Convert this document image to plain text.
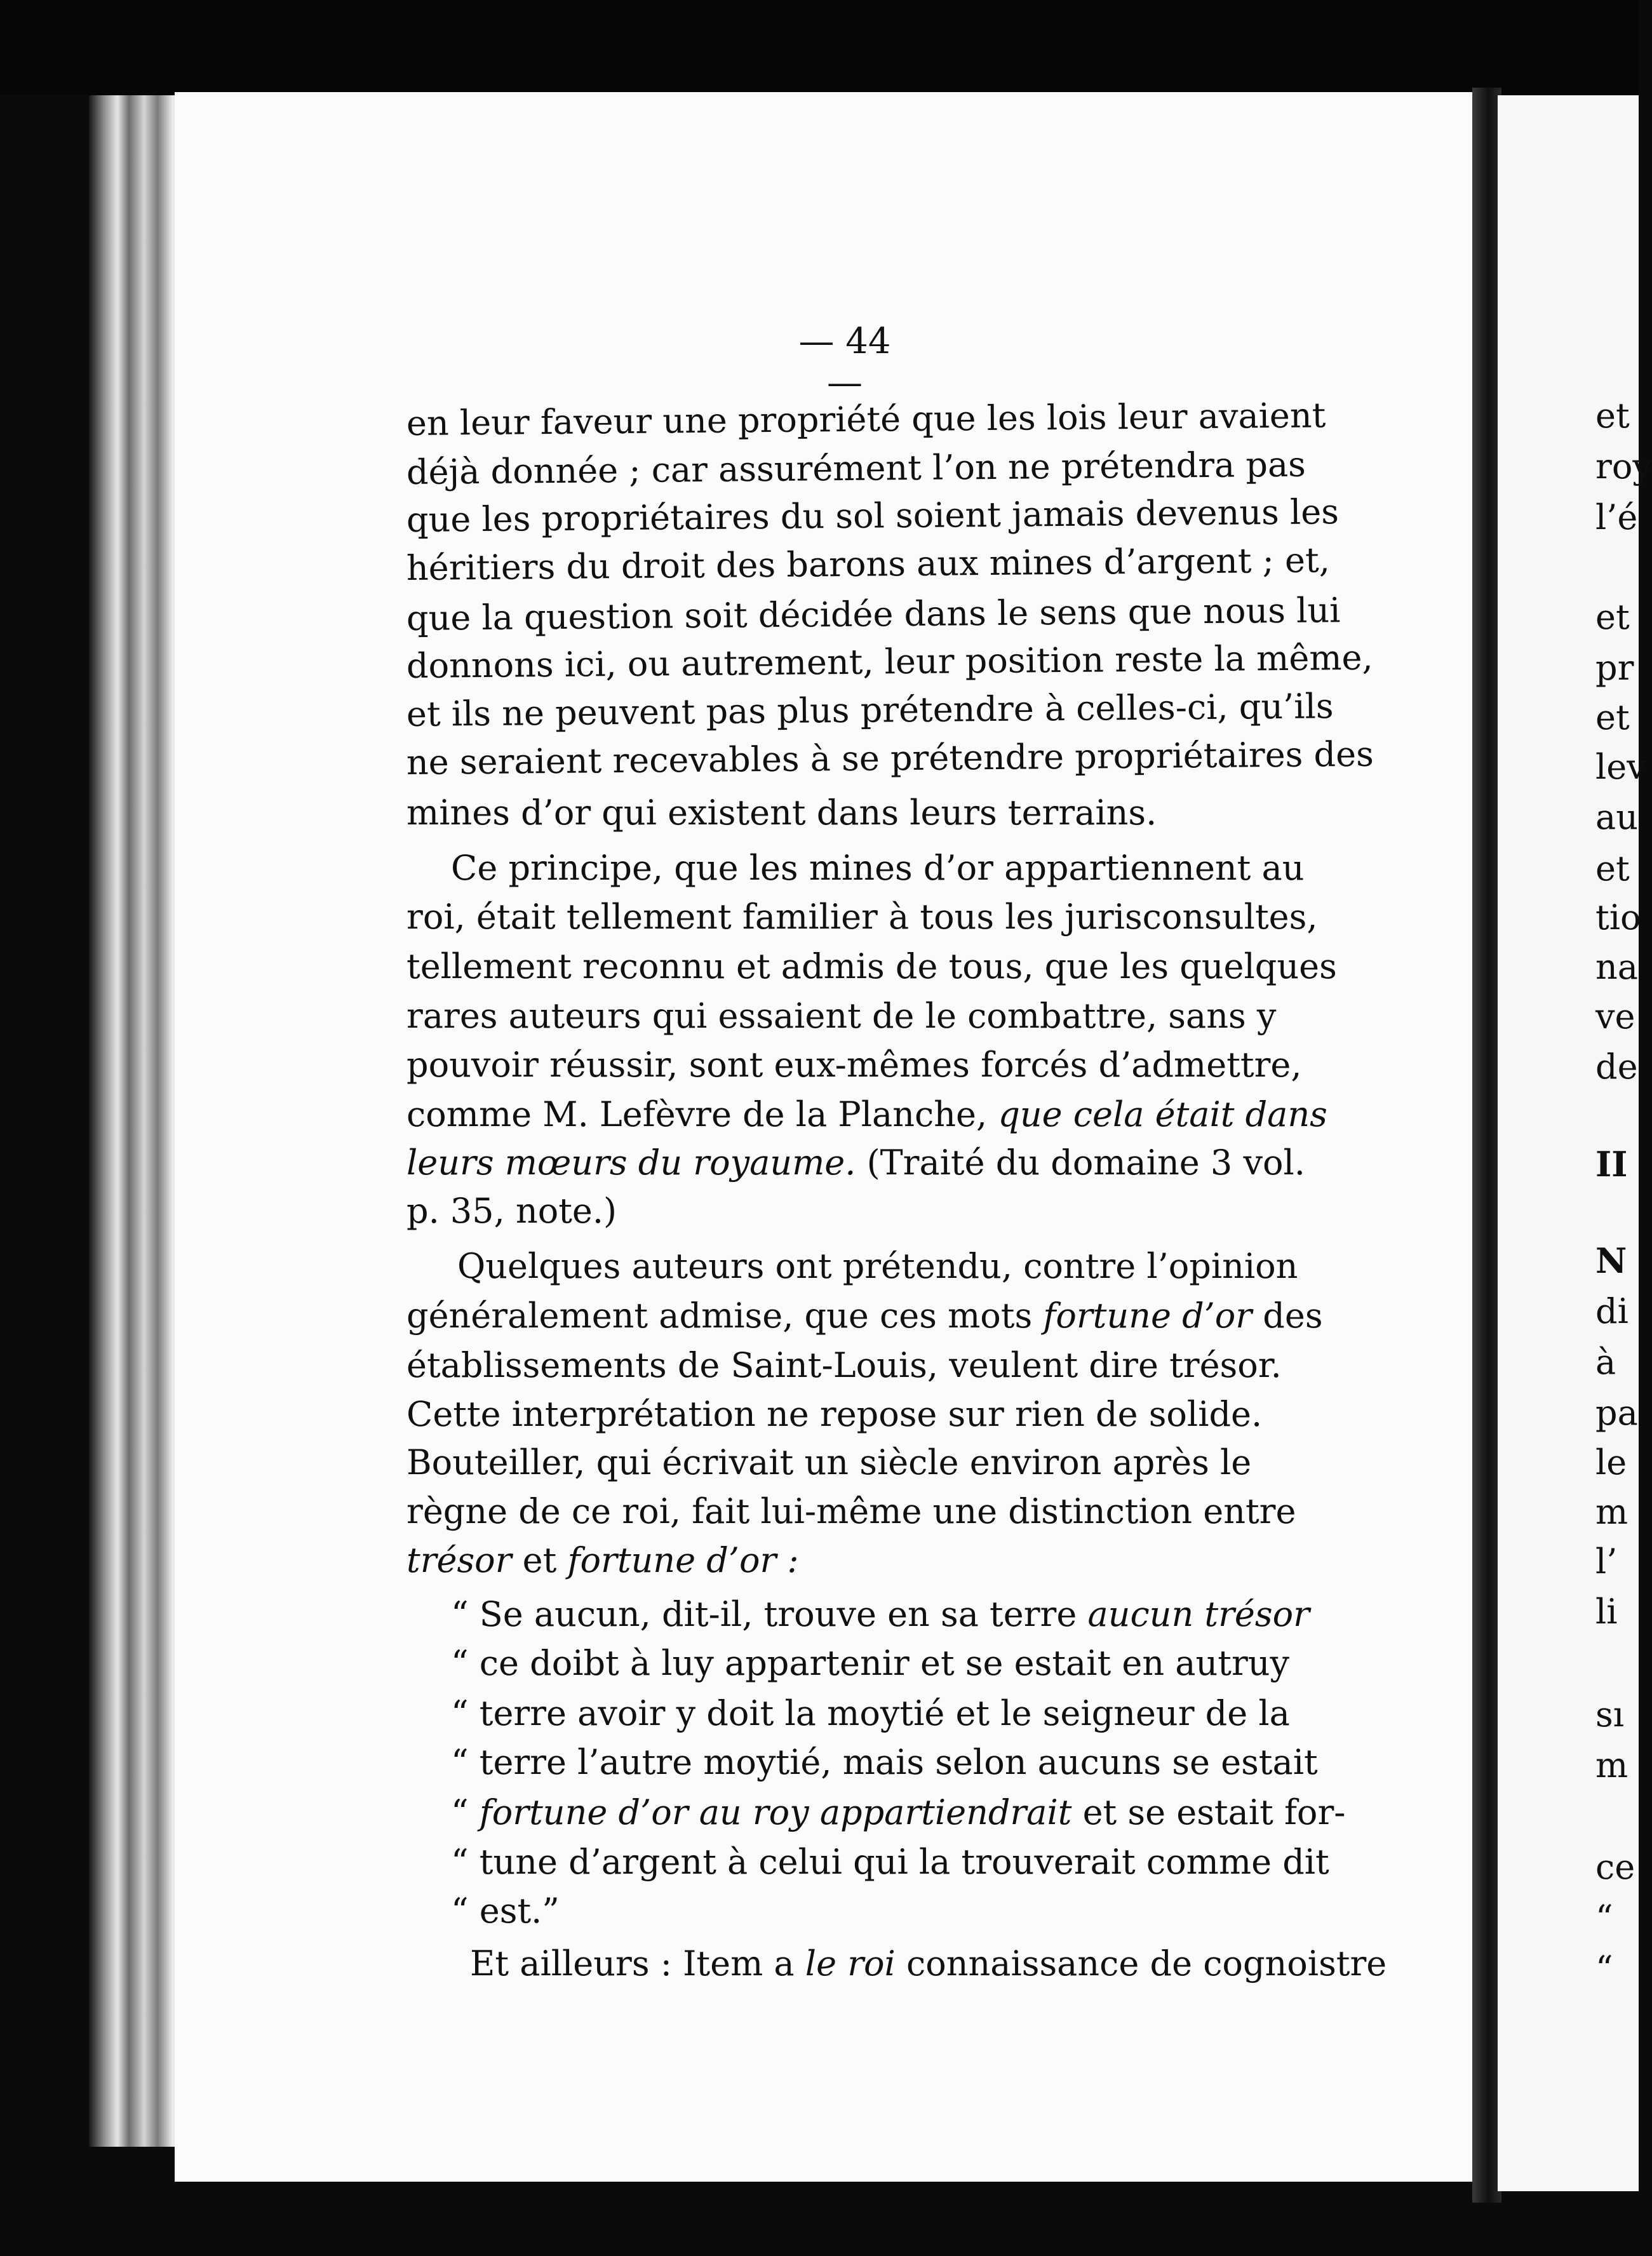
— 44 —

en leur faveur une propriété que les lois leur avaient

déjà donnée ; car assurément l’on ne prétendra pas

que les propriétaires du sol soient jamais devenus les

héritiers du droit des barons aux mines d’argent ; et,

que la question soit décidée dans le sens que nous lui

donnons ici, ou autrement, leur position reste la même,

et ils ne peuvent pas plus prétendre à celles-ci, qu’ils

ne seraient recevables à se prétendre propriétaires des

mines d’or qui existent dans leurs terrains.

Ce principe, que les mines d’or appartiennent au

roi, était tellement familier à tous les jurisconsultes,

tellement reconnu et admis de tous, que les quelques

rares auteurs qui essaient de le combattre, sans y

pouvoir réussir, sont eux-mêmes forcés d’admettre,

comme M. Lefèvre de la Planche, que cela était dans

leurs mœurs du royaume. (Traité du domaine 3 vol.

p. 35, note.)

Quelques auteurs ont prétendu, contre l’opinion

généralement admise, que ces mots fortune d’or des

établissements de Saint-Louis, veulent dire trésor.

Cette interprétation ne repose sur rien de solide.

Bouteiller, qui écrivait un siècle environ après le

règne de ce roi, fait lui-même une distinction entre

trésor et fortune d’or :

“ Se aucun, dit-il, trouve en sa terre aucun trésor

“ ce doibt à luy appartenir et se estait en autruy

“ terre avoir y doit la moytié et le seigneur de la

“ terre l’autre moytié, mais selon aucuns se estait

“ fortune d’or au roy appartiendrait et se estait for-

“ tune d’argent à celui qui la trouverait comme dit

“ est.”

Et ailleurs : Item a le roi connaissance de cognoistre

et

roy

l’é

et

pr

et

lev

au

et

tio

na

ve

de

II

N

di

à

pa

le

m

l’

li

sı

m

ce

“

“
